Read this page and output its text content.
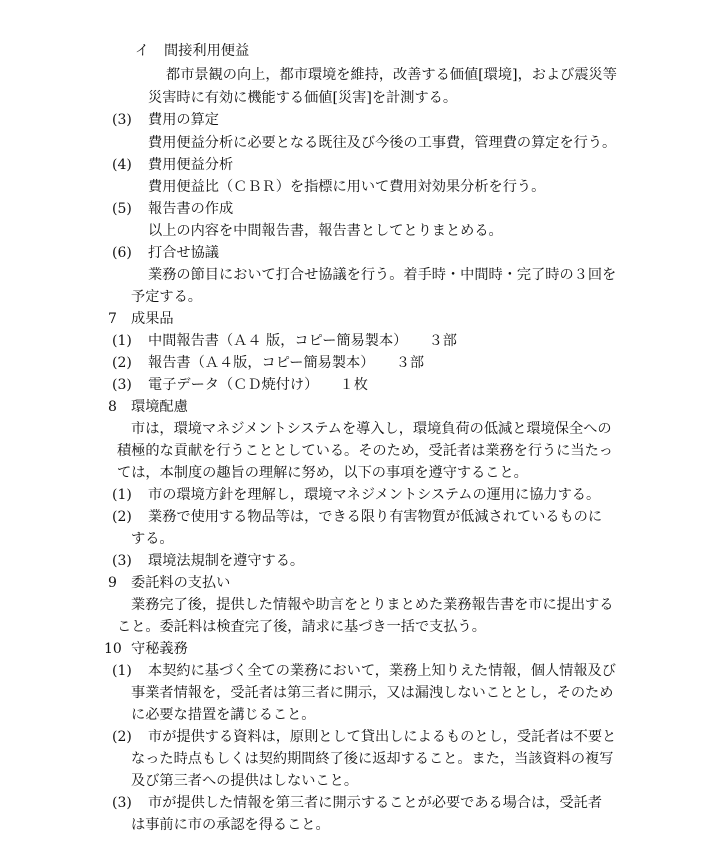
イ 間接利用便益
都市景観の向上，都市環境を維持，改善する価値[環境]，および震災等
災害時に有効に機能する価値[災害]を計測する。
(3) 費用の算定
費用便益分析に必要となる既往及び今後の工事費，管理費の算定を行う。
(4) 費用便益分析
費用便益比（ＣＢＲ）を指標に用いて費用対効果分析を行う。
(5) 報告書の作成
以上の内容を中間報告書，報告書としてとりまとめる。
(6) 打合せ協議
業務の節目において打合せ協議を行う。着手時・中間時・完了時の３回を
予定する。
7 成果品
(1) 中間報告書（Ａ４ 版，コピー簡易製本）　　３部
(2) 報告書（Ａ４版，コピー簡易製本）　　３部
(3) 電子データ（ＣＤ焼付け）　　１枚
8 環境配慮
市は，環境マネジメントシステムを導入し，環境負荷の低減と環境保全への
積極的な貢献を行うこととしている。そのため，受託者は業務を行うに当たっ
ては，本制度の趣旨の理解に努め，以下の事項を遵守すること。
(1) 市の環境方針を理解し，環境マネジメントシステムの運用に協力する。
(2) 業務で使用する物品等は，できる限り有害物質が低減されているものに
する。
(3) 環境法規制を遵守する。
9 委託料の支払い
業務完了後，提供した情報や助言をとりまとめた業務報告書を市に提出する
こと。委託料は検査完了後，請求に基づき一括で支払う。
10 守秘義務
(1) 本契約に基づく全ての業務において，業務上知りえた情報，個人情報及び
事業者情報を，受託者は第三者に開示，又は漏洩しないこととし，そのため
に必要な措置を講じること。
(2) 市が提供する資料は，原則として貸出しによるものとし，受託者は不要と
なった時点もしくは契約期間終了後に返却すること。また，当該資料の複写
及び第三者への提供はしないこと。
(3) 市が提供した情報を第三者に開示することが必要である場合は，受託者
は事前に市の承認を得ること。
